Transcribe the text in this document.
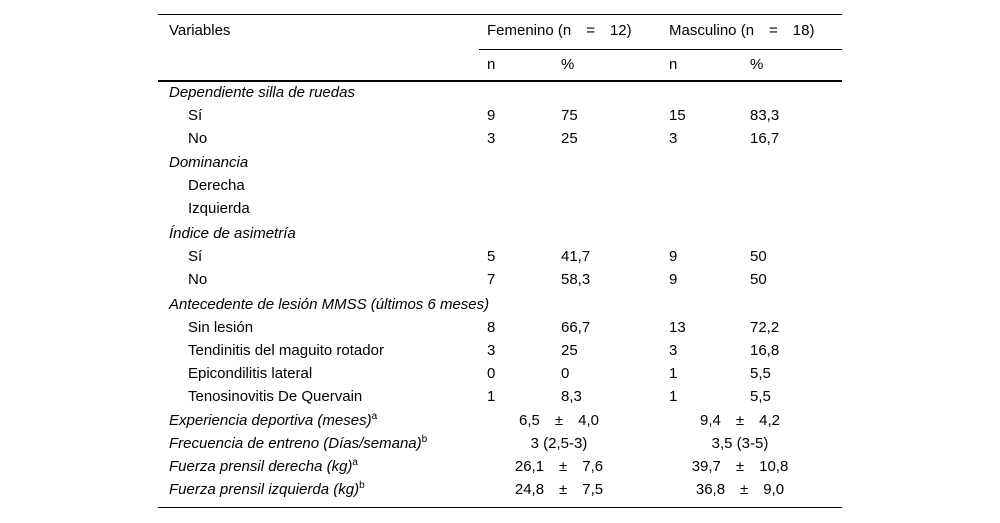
Variables	Femenino (n = 12) Masculino (n = 18)
n	%	n	%
Dependiente silla de ruedas
Sí	9	75	15	83,3
No	3	25	3	16,7
Dominancia
Derecha
Izquierda
Índice de asimetría
Sí	5	41,7	9	50
No	7	58,3	9	50
Antecedente de lesión MMSS (últimos 6 meses)
Sin lesión	8	66,7	13	72,2
Tendinitis del maguito rotador	3	25	3	16,8
Epicondilitis lateral	0	0	1	5,5
Tenosinovitis De Quervain	1	8,3	1	5,5
Experiencia deportiva (meses)$^a$	6,5 ± 4,0	9,4 ± 4,2
Frecuencia de entreno (Días/semana)$^b$	3 (2,5-3)	3,5 (3-5)
Fuerza prensil derecha (kg)$^a$	26,1 ± 7,6	39,7 ± 10,8
Fuerza prensil izquierda (kg)$^b$	24,8 ± 7,5	36,8 ± 9,0
